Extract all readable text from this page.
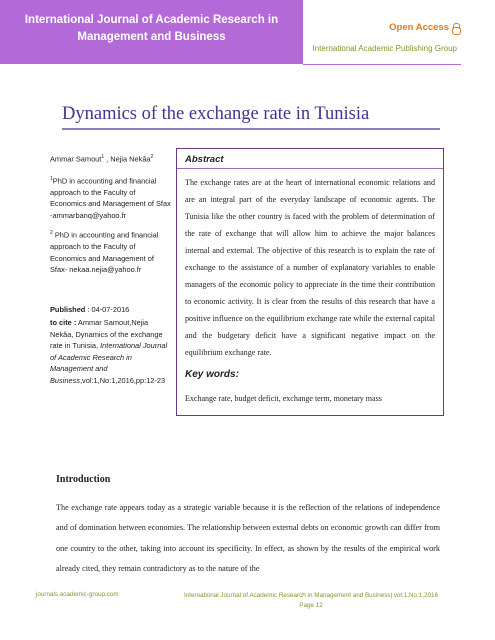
International Journal of Academic Research in
Management and Business
Open Access
International Academic Publishing Group
Dynamics of the exchange rate in Tunisia

Ammar Samout$^1$ , Nejia Nekâa$^2$

$^1$PhD in accounting and financial approach to the Faculty of Economics and Management of Sfax -ammarbanq@yahoo.fr

$^2$ PhD in accounting and financial approach to the Faculty of Economics and Management of Sfax- nekaa.nejia@yahoo.fr

Published : 04-07-2016

to cite : Ammar Samout,Nejia Nekâa, Dynamics of the exchange rate in Tunisia, International Journal of Academic Research in Management and Business,vol:1,No:1,2016,pp:12-23

Abstract
The exchange rates are at the heart of international economic relations and are an integral part of the everyday landscape of economic agents. The Tunisia like the other country is faced with the problem of determination of the rate of exchange that will allow him to achieve the major balances internal and external. The objective of this research is to explain the rate of exchange to the assistance of a number of explanatory variables to enable managers of the economic policy to appreciate in the time their contribution to economic activity. It is clear from the results of this research that have a positive influence on the equilibrium exchange rate while the external capital and the budgetary deficit have a significant negative impact on the equilibrium exchange rate.
Key words:
Exchange rate, budget deficit, exchange term, monetary mass
Introduction
The exchange rate appears today as a strategic variable because it is the reflection of the relations of independence and of domination between economies. The relationship between external debts on economic growth can differ from one country to the other, taking into account its specificity. In effect, as shown by the results of the empirical work already cited, they remain contradictory as to the nature of the
journals.academic-group.com	International Journal of Academic Research in Management and Business| vol:1,No:1,2016
Page 12
